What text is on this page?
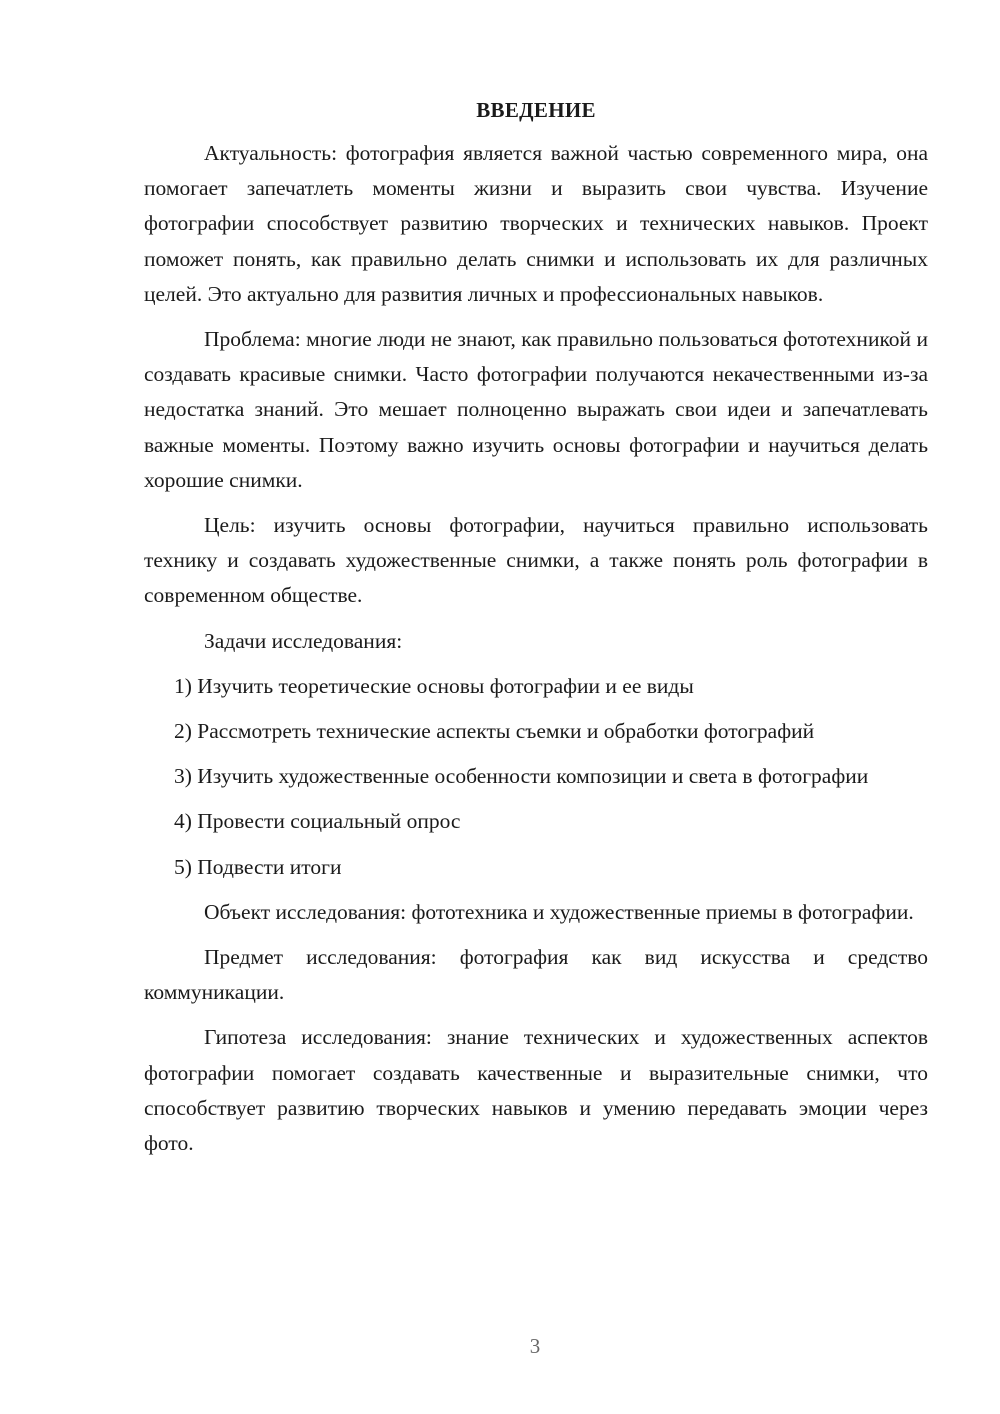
ВВЕДЕНИЕ

Актуальность: фотография является важной частью современного мира, она помогает запечатлеть моменты жизни и выразить свои чувства. Изучение фотографии способствует развитию творческих и технических навыков. Проект поможет понять, как правильно делать снимки и использовать их для различных целей. Это актуально для развития личных и профессиональных навыков.

Проблема: многие люди не знают, как правильно пользоваться фототехникой и создавать красивые снимки. Часто фотографии получаются некачественными из-за недостатка знаний. Это мешает полноценно выражать свои идеи и запечатлевать важные моменты. Поэтому важно изучить основы фотографии и научиться делать хорошие снимки.

Цель: изучить основы фотографии, научиться правильно использовать технику и создавать художественные снимки, а также понять роль фотографии в современном обществе.

Задачи исследования:

1) Изучить теоретические основы фотографии и ее виды

2) Рассмотреть технические аспекты съемки и обработки фотографий

3) Изучить художественные особенности композиции и света в фотографии

4) Провести социальный опрос

5) Подвести итоги

Объект исследования: фототехника и художественные приемы в фотографии.

Предмет исследования: фотография как вид искусства и средство коммуникации.

Гипотеза исследования: знание технических и художественных аспектов фотографии помогает создавать качественные и выразительные снимки, что способствует развитию творческих навыков и умению передавать эмоции через фото.

3
